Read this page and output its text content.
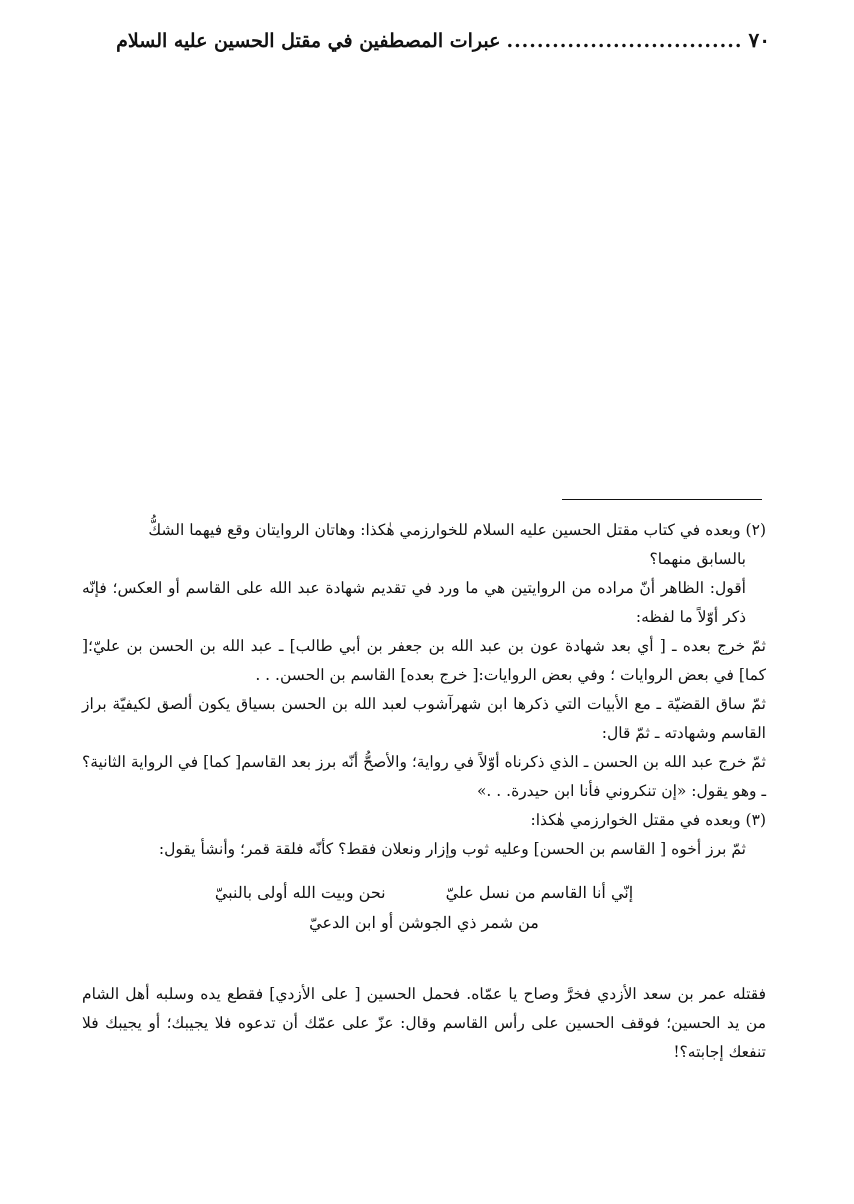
٧٠
...............................
عبرات المصطفين في مقتل الحسين عليه السلام

(٢) وبعده في كتاب مقتل الحسين عليه السلام للخوارزمي هٰكذا: وهاتان الروايتان وقع فيهما الشكُّ

بالسابق منهما؟

أقول: الظاهر أنّ مراده من الروايتين هي ما ورد في تقديم شهادة عبد الله على القاسم أو العكس؛ فإنّه ذكر أوّلاً ما لفظه:

ثمّ خرج بعده ـ [ أي بعد شهادة عون بن عبد الله بن جعفر بن أبي طالب] ـ عبد الله بن الحسن بن عليّ؛[ كما] في بعض الروايات ؛ وفي بعض الروايات:[ خرج بعده] القاسم بن الحسن. . .

ثمّ ساق القضيّة ـ مع الأبيات التي ذكرها ابن شهرآشوب لعبد الله بن الحسن بسياق يكون ألصق لكيفيّة براز القاسم وشهادته ـ ثمّ قال:

ثمّ خرج عبد الله بن الحسن ـ الذي ذكرناه أوّلاً في رواية؛ والأصحُّ أنّه برز بعد القاسم[ كما] في الرواية الثانية؟ـ وهو يقول: «إن تنكروني فأنا ابن حيدرة. . .»

(٣) وبعده في مقتل الخوارزمي هٰكذا:

ثمّ برز أخوه [ القاسم بن الحسن] وعليه ثوب وإزار ونعلان فقط؟ كأنّه فلقة قمر؛ وأنشأ يقول:

إنّي أنا القاسم من نسل عليّ
نحن وبيت الله أولى بالنبيّ
من شمر ذي الجوشن أو ابن الدعيّ

فقتله عمر بن سعد الأزدي فخرَّ وصاح يا عمّاه. فحمل الحسين [ على الأزدي] فقطع يده وسلبه أهل الشام من يد الحسين؛ فوقف الحسين على رأس القاسم وقال: عزّ على عمّك أن تدعوه فلا يجيبك؛ أو يجيبك فلا تنفعك إجابته؟!
